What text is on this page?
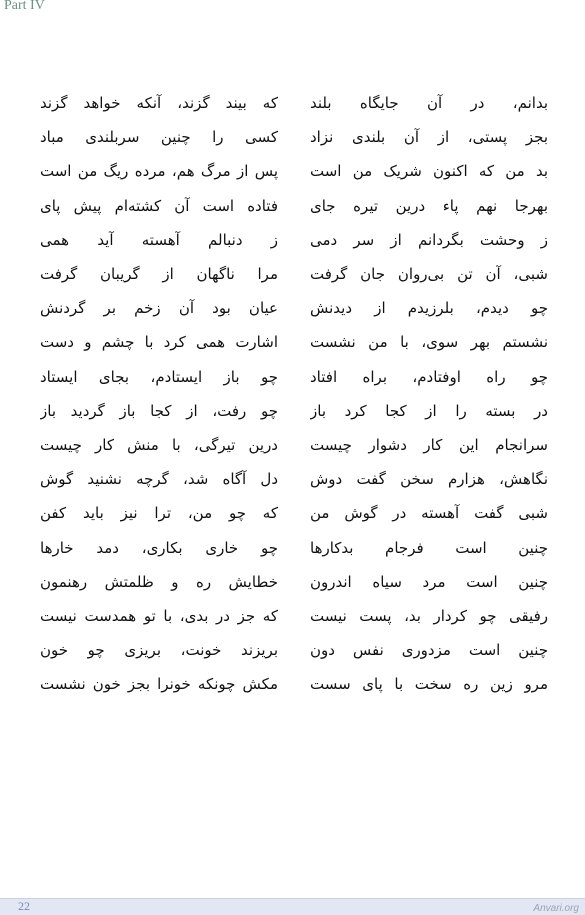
Part IV
بدانم، در آن جایگاه بلند
که بیند گزند، آنکه خواهد گزند
بجز پستی، از آن بلندی نزاد
کسی را چنین سربلندی مباد
بد من که اکنون شریک من است
پس از مرگ هم، مرده ریگ من است
بهرجا نهم پاء درین تیره جای
فتاده است آن کشته‌ام پیش پای
ز وحشت بگردانم از سر دمی
ز دنبالم آهسته آید همی
شبی، آن تن بی‌روان جان گرفت
مرا ناگهان از گریبان گرفت
چو دیدم، بلرزیدم از دیدنش
عیان بود آن زخم بر گردنش
نشستم بهر سوی، با من نشست
اشارت همی کرد با چشم و دست
چو راه اوفتادم، براه افتاد
چو باز ایستادم، بجای ایستاد
در بسته را از کجا کرد باز
چو رفت، از کجا باز گردید باز
سرانجام این کار دشوار چیست
درین تیرگی، با منش کار چیست
نگاهش، هزارم سخن گفت دوش
دل آگاه شد، گرچه نشنید گوش
شبی گفت آهسته در گوش من
که چو من، ترا نیز باید کفن
چنین است فرجام بدکارها
چو خاری بکاری، دمد خارها
چنین است مرد سیاه اندرون
خطایش ره و ظلمتش رهنمون
رفیقی چو کردار بد، پست نیست
که جز در بدی، با تو همدست نیست
چنین است مزدوری نفس دون
بریزند خونت، بریزی چو خون
مرو زین ره سخت با پای سست
مکش چونکه خونرا بجز خون نشست
22	Anvari.org
